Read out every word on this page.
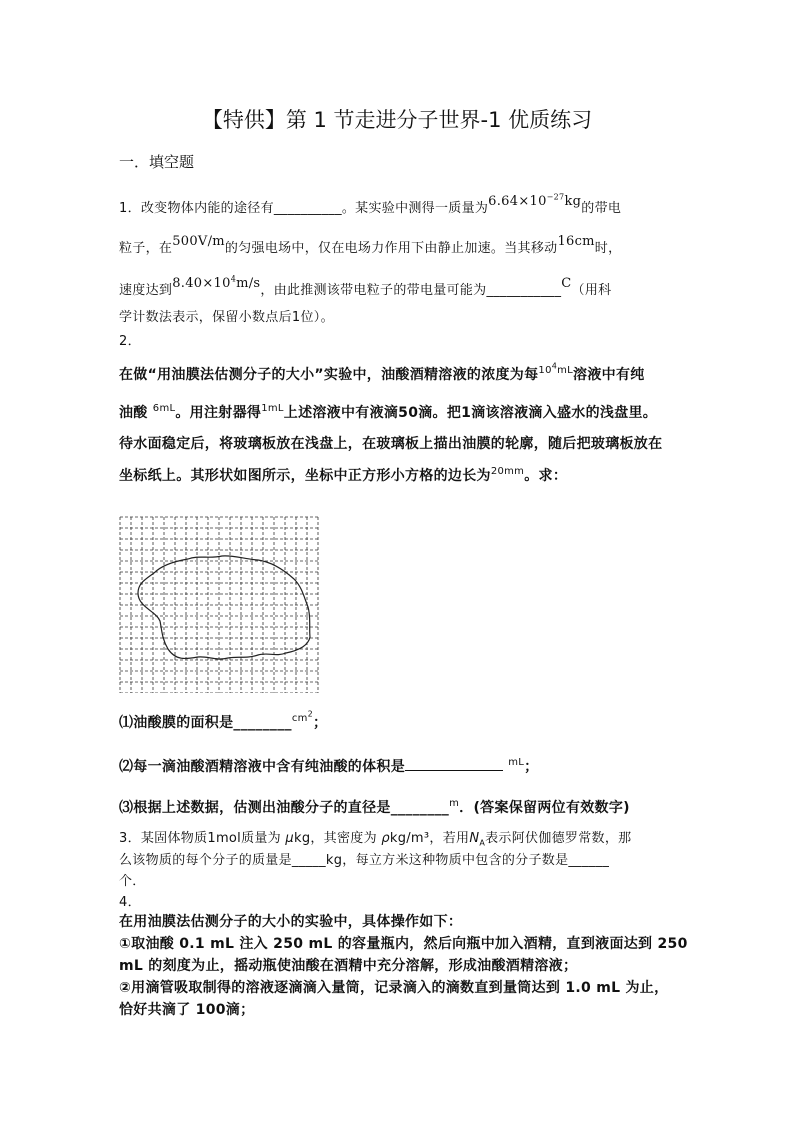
【特供】第 1 节走进分子世界-1 优质练习
一．填空题
1．改变物体内能的途径有__________。某实验中测得一质量为$6.64\times 10^{-27}kg$的带电
粒子，在500V/m的匀强电场中，仅在电场力作用下由静止加速。当其移动16cm时，
速度达到$8.40\times 10^4m/s$，由此推测该带电粒子的带电量可能为___________C（用科
学计数法表示，保留小数点后1位）。
2．
在做“用油膜法估测分子的大小”实验中，油酸酒精溶液的浓度为每$^{10^4mL}$溶液中有纯
油酸 $^{6mL}$。用注射器得$^{1mL}$上述溶液中有液滴50滴。把1滴该溶液滴入盛水的浅盘里。
待水面稳定后，将玻璃板放在浅盘上，在玻璃板上描出油膜的轮廓，随后把玻璃板放在
坐标纸上。其形状如图所示，坐标中正方形小方格的边长为$^{20mm}$。求：
⑴油酸膜的面积是________$^{cm^2}$；
⑵每一滴油酸酒精溶液中含有纯油酸的体积是	$^{mL}$；
⑶根据上述数据，估测出油酸分子的直径是________$^m$．(答案保留两位有效数字)
3．某固体物质1mol质量为 μkg，其密度为 ρkg/m³，若用$N_A$表示阿伏伽德罗常数，那
么该物质的每个分子的质量是_____kg，每立方米这种物质中包含的分子数是______
个．
4．
在用油膜法估测分子的大小的实验中，具体操作如下：
①取油酸 0.1 mL 注入 250 mL 的容量瓶内，然后向瓶中加入酒精，直到液面达到 250
mL 的刻度为止，摇动瓶使油酸在酒精中充分溶解，形成油酸酒精溶液；
②用滴管吸取制得的溶液逐滴滴入量筒，记录滴入的滴数直到量筒达到 1.0 mL 为止，
恰好共滴了 100滴；
